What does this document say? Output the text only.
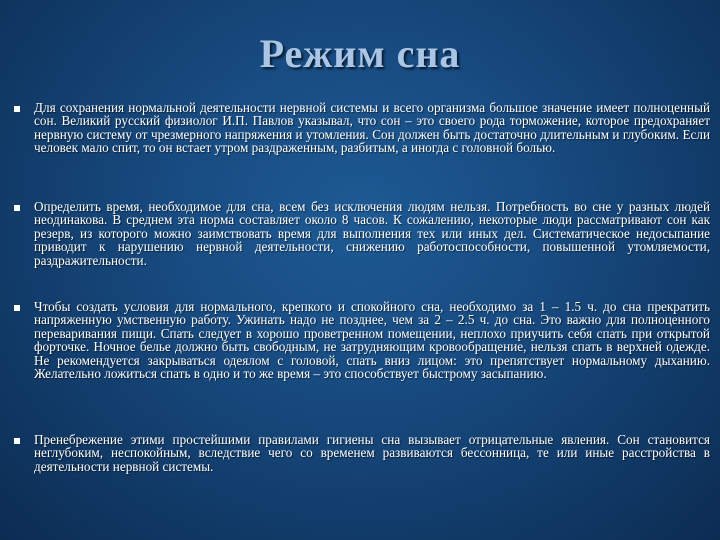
Режим сна

Для сохранения нормальной деятельности нервной системы и всего организма большое значение имеет полноценный сон. Великий русский физиолог И.П. Павлов указывал, что сон – это своего рода торможение, которое предохраняет нервную систему от чрезмерного напряжения и утомления. Сон должен быть достаточно длительным и глубоким. Если человек мало спит, то он встает утром раздраженным, разбитым, а иногда с головной болью.

Определить время, необходимое для сна, всем без исключения людям нельзя. Потребность во сне у разных людей неодинакова. В среднем эта норма составляет около 8 часов. К сожалению, некоторые люди рассматривают сон как резерв, из которого можно заимствовать время для выполнения тех или иных дел. Систематическое недосыпание приводит к нарушению нервной деятельности, снижению работоспособности, повышенной утомляемости, раздражительности.

Чтобы создать условия для нормального, крепкого и спокойного сна, необходимо за 1 – 1.5 ч. до сна прекратить напряженную умственную работу. Ужинать надо не позднее, чем за 2 – 2.5 ч. до сна. Это важно для полноценного переваривания пищи. Спать следует в хорошо проветренном помещении, неплохо приучить себя спать при открытой форточке. Ночное белье должно быть свободным, не затрудняющим кровообращение, нельзя спать в верхней одежде. Не рекомендуется закрываться одеялом с головой, спать вниз лицом: это препятствует нормальному дыханию. Желательно ложиться спать в одно и то же время – это способствует быстрому засыпанию.

Пренебрежение этими простейшими правилами гигиены сна вызывает отрицательные явления. Сон становится неглубоким, неспокойным, вследствие чего со временем развиваются бессонница, те или иные расстройства в деятельности нервной системы.
